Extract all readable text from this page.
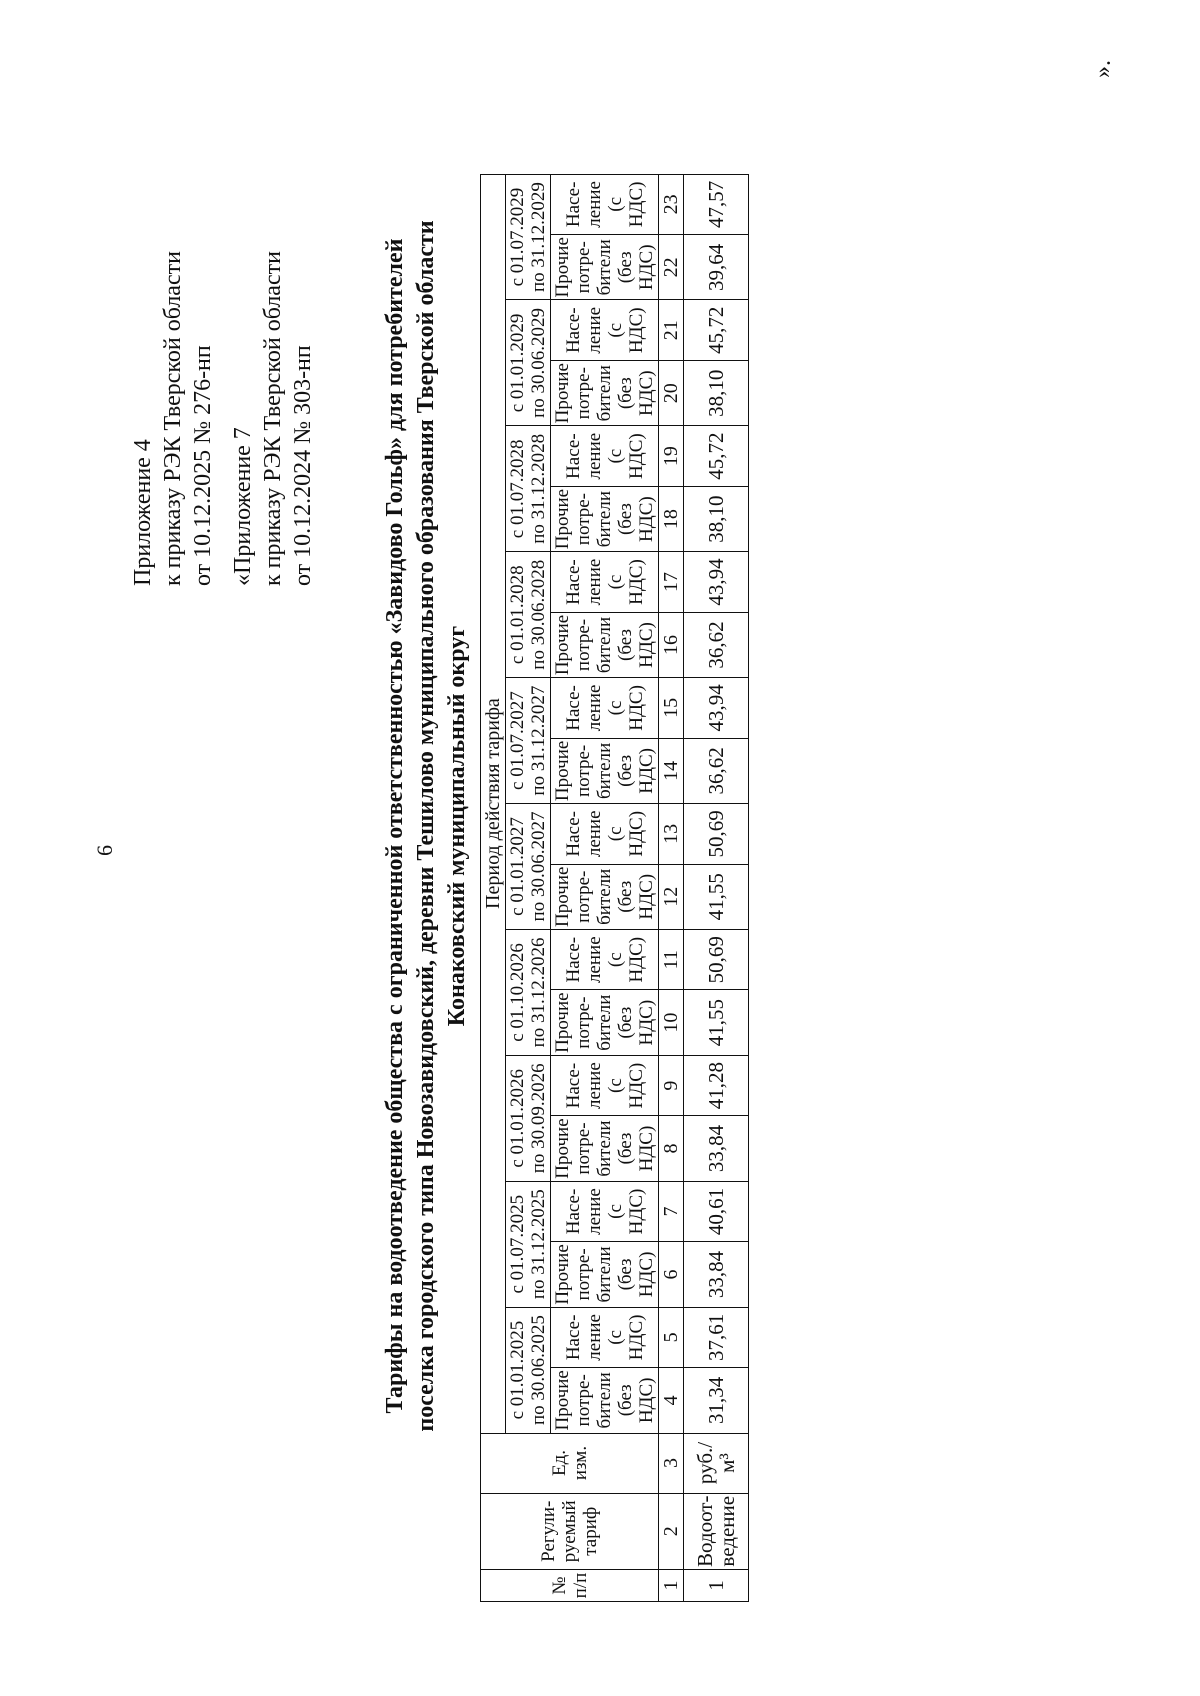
6
Приложение 4 к приказу РЭК Тверской области от 10.12.2025 № 276-нп «Приложение 7 к приказу РЭК Тверской области от 10.12.2024 № 303-нп	Тарифы на водоотведение общества с ограниченной ответственностью «Завидово Гольф» для потребителей поселка городского типа Новозавидовский, деревни Тешилово муниципального образования Тверской области Конаковский муниципальный округ
№ п/п	Регули-руемый тариф	Ед. изм.	Период действия тарифа																			
			с 01.01.2025 по 30.06.2025		с 01.07.2025 по 31.12.2025		с 01.01.2026 по 30.09.2026		с 01.10.2026 по 31.12.2026		с 01.01.2027 по 30.06.2027		с 01.07.2027 по 31.12.2027		с 01.01.2028 по 30.06.2028		с 01.07.2028 по 31.12.2028		с 01.01.2029 по 30.06.2029		с 01.07.2029 по 31.12.2029	
			Прочие потре-бители (без НДС)	Насе-ление (с НДС)	Прочие потре-бители (без НДС)	Насе-ление (с НДС)	Прочие потре-бители (без НДС)	Насе-ление (с НДС)	Прочие потре-бители (без НДС)	Насе-ление (с НДС)	Прочие потре-бители (без НДС)	Насе-ление (с НДС)	Прочие потре-бители (без НДС)	Насе-ление (с НДС)	Прочие потре-бители (без НДС)	Насе-ление (с НДС)	Прочие потре-бители (без НДС)	Насе-ление (с НДС)	Прочие потре-бители (без НДС)	Насе-ление (с НДС)	Прочие потре-бители (без НДС)	Насе-ление (с НДС)
1	2	3	4	5	6	7	8	9	10	11	12	13	14	15	16	17	18	19	20	21	22	23
1	Водоот-ведение	руб./м³	31,34	37,61	33,84	40,61	33,84	41,28	41,55	50,69	41,55	50,69	36,62	43,94	36,62	43,94	38,10	45,72	38,10	45,72	39,64	47,57
».
